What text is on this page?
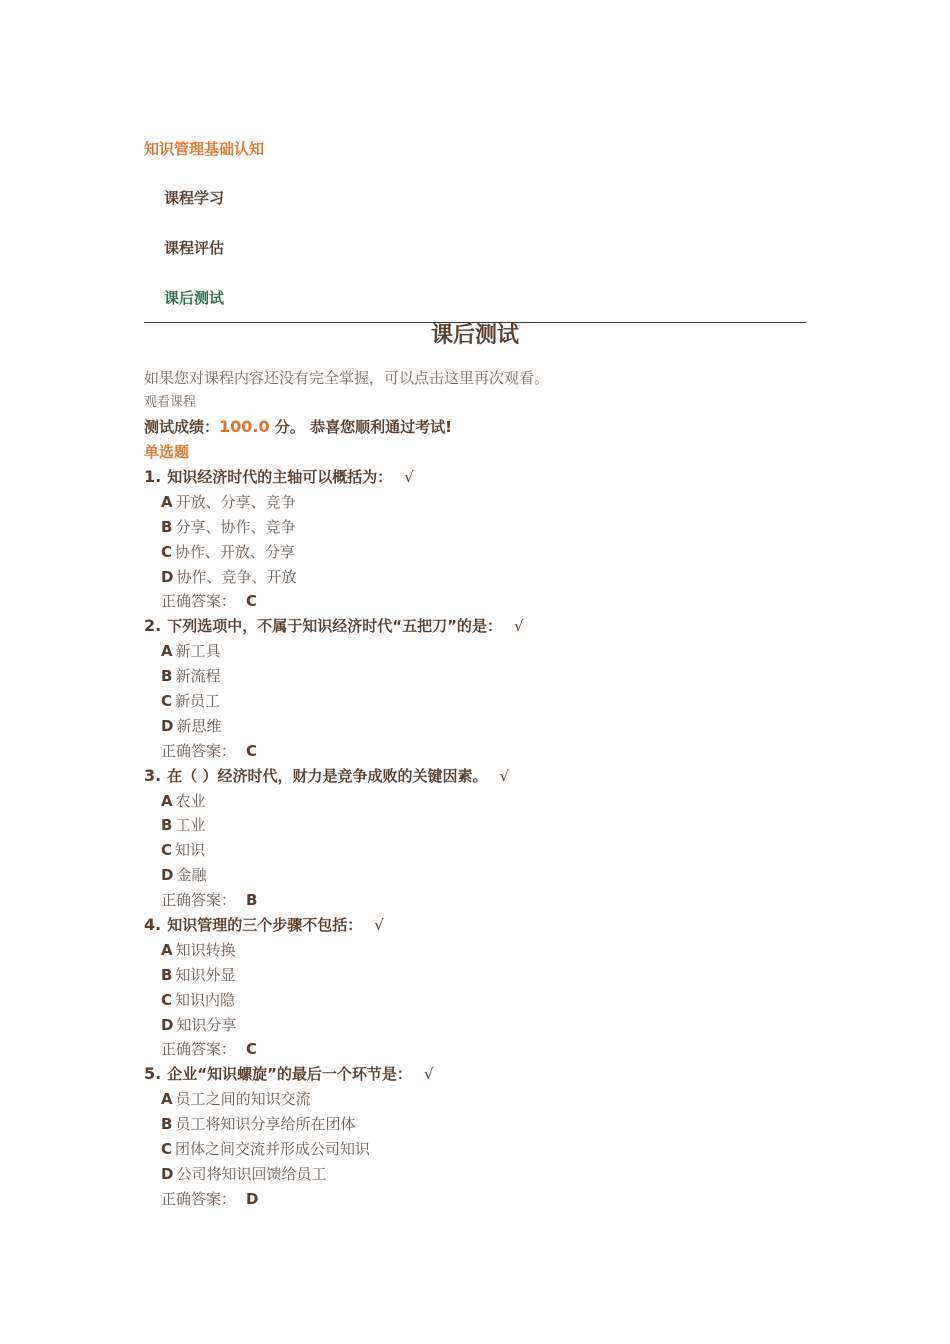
知识管理基础认知
课程学习
课程评估
课后测试
课后测试
如果您对课程内容还没有完全掌握，可以点击这里再次观看。
观看课程
测试成绩：100.0 分。 恭喜您顺利通过考试!
单选题
1. 知识经济时代的主轴可以概括为： √
A 开放、分享、竞争
B 分享、协作、竞争
C 协作、开放、分享
D 协作、竞争、开放
正确答案： C
2. 下列选项中，不属于知识经济时代“五把刀”的是： √
A 新工具
B 新流程
C 新员工
D 新思维
正确答案： C
3. 在（ ）经济时代，财力是竞争成败的关键因素。 √
A 农业
B 工业
C 知识
D 金融
正确答案： B
4. 知识管理的三个步骤不包括： √
A 知识转换
B 知识外显
C 知识内隐
D 知识分享
正确答案： C
5. 企业“知识螺旋”的最后一个环节是： √
A 员工之间的知识交流
B 员工将知识分享给所在团体
C 团体之间交流并形成公司知识
D 公司将知识回馈给员工
正确答案： D
